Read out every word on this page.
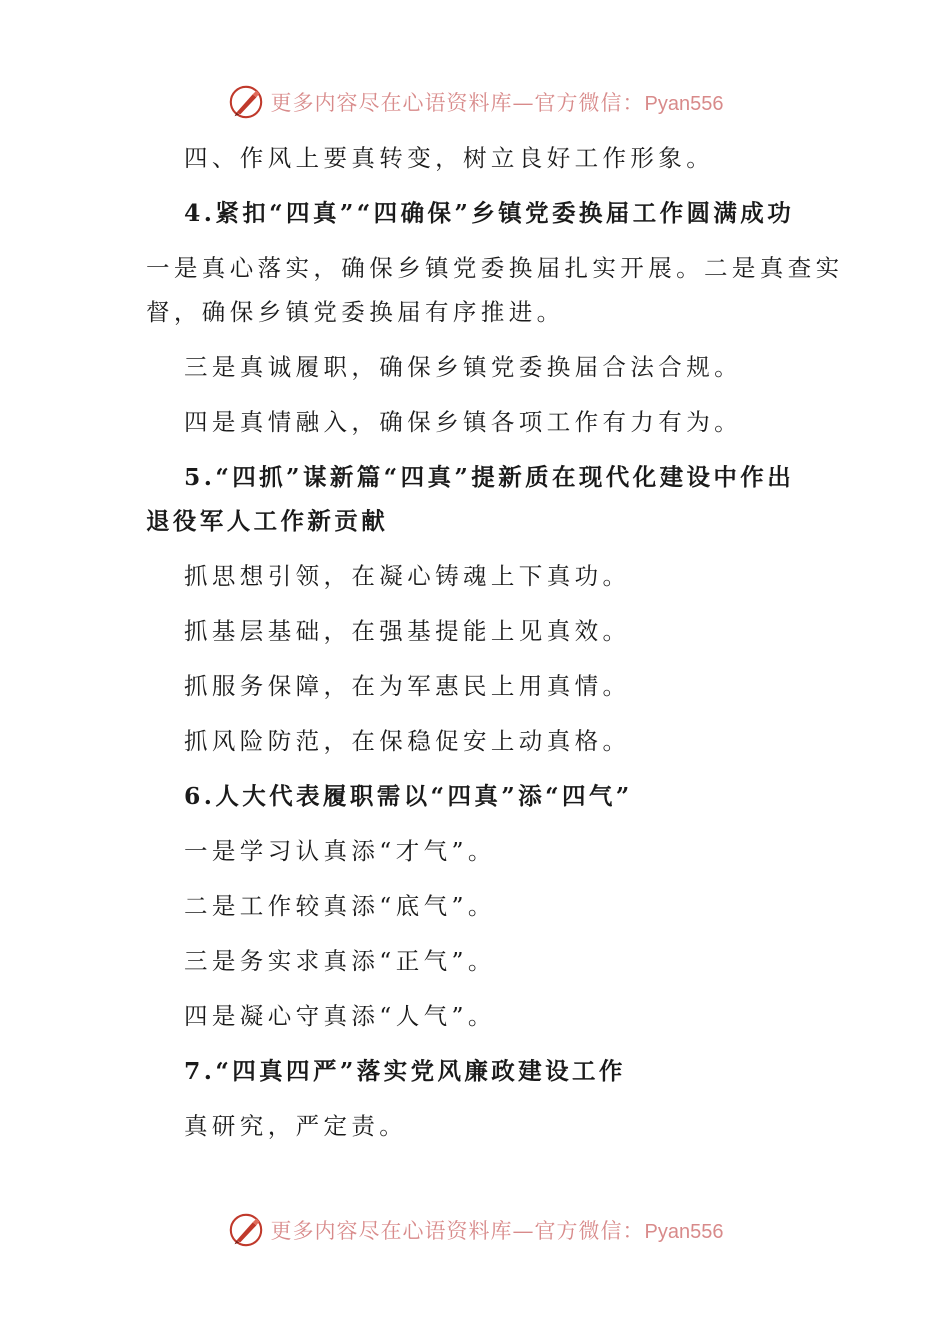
更多内容尽在心语资料库—官方微信：Pyan556
四、作风上要真转变，树立良好工作形象。
4.紧扣“四真”“四确保”乡镇党委换届工作圆满成功
一是真心落实，确保乡镇党委换届扎实开展。二是真查实
督，确保乡镇党委换届有序推进。
三是真诚履职，确保乡镇党委换届合法合规。
四是真情融入，确保乡镇各项工作有力有为。
5.“四抓”谋新篇“四真”提新质在现代化建设中作出
退役军人工作新贡献
抓思想引领，在凝心铸魂上下真功。
抓基层基础，在强基提能上见真效。
抓服务保障，在为军惠民上用真情。
抓风险防范，在保稳促安上动真格。
6.人大代表履职需以“四真”添“四气”
一是学习认真添“才气”。
二是工作较真添“底气”。
三是务实求真添“正气”。
四是凝心守真添“人气”。
7.“四真四严”落实党风廉政建设工作
真研究，严定责。
更多内容尽在心语资料库—官方微信：Pyan556
